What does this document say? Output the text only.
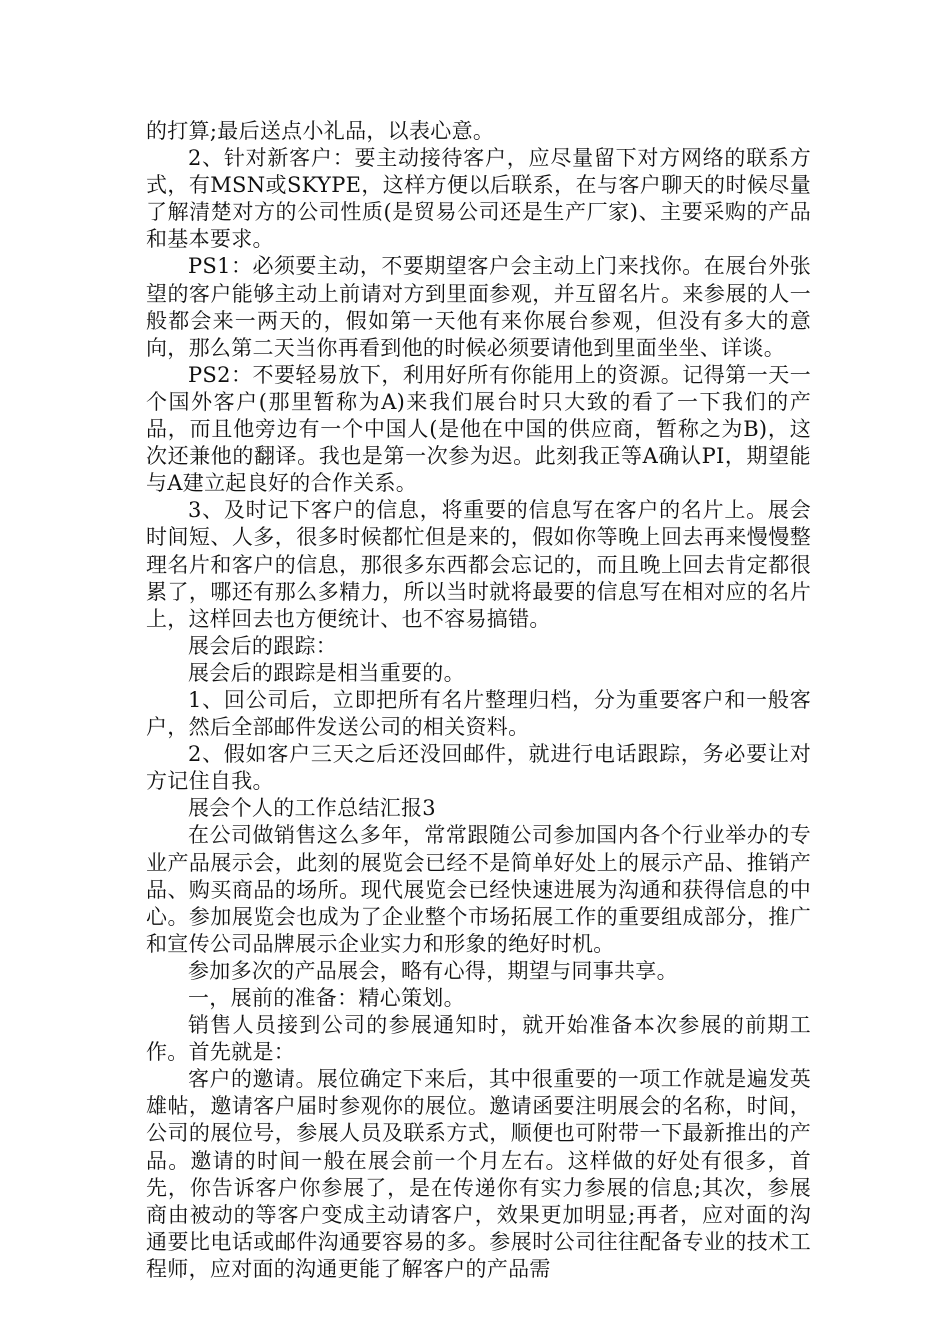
的打算;最后送点小礼品，以表心意。

2、针对新客户：要主动接待客户，应尽量留下对方网络的联系方式，有MSN或SKYPE，这样方便以后联系，在与客户聊天的时候尽量了解清楚对方的公司性质(是贸易公司还是生产厂家)、主要采购的产品和基本要求。

PS1：必须要主动，不要期望客户会主动上门来找你。在展台外张望的客户能够主动上前请对方到里面参观，并互留名片。来参展的人一般都会来一两天的，假如第一天他有来你展台参观，但没有多大的意向，那么第二天当你再看到他的时候必须要请他到里面坐坐、详谈。

PS2：不要轻易放下，利用好所有你能用上的资源。记得第一天一个国外客户(那里暂称为A)来我们展台时只大致的看了一下我们的产品，而且他旁边有一个中国人(是他在中国的供应商，暂称之为B)，这次还兼他的翻译。我也是第一次参为迟。此刻我正等A确认PI，期望能与A建立起良好的合作关系。

3、及时记下客户的信息，将重要的信息写在客户的名片上。展会时间短、人多，很多时候都忙但是来的，假如你等晚上回去再来慢慢整理名片和客户的信息，那很多东西都会忘记的，而且晚上回去肯定都很累了，哪还有那么多精力，所以当时就将最要的信息写在相对应的名片上，这样回去也方便统计、也不容易搞错。

展会后的跟踪：

展会后的跟踪是相当重要的。

1、回公司后，立即把所有名片整理归档，分为重要客户和一般客户，然后全部邮件发送公司的相关资料。

2、假如客户三天之后还没回邮件，就进行电话跟踪，务必要让对方记住自我。

展会个人的工作总结汇报3

在公司做销售这么多年，常常跟随公司参加国内各个行业举办的专业产品展示会，此刻的展览会已经不是简单好处上的展示产品、推销产品、购买商品的场所。现代展览会已经快速进展为沟通和获得信息的中心。参加展览会也成为了企业整个市场拓展工作的重要组成部分，推广和宣传公司品牌展示企业实力和形象的绝好时机。

参加多次的产品展会，略有心得，期望与同事共享。

一，展前的准备：精心策划。

销售人员接到公司的参展通知时，就开始准备本次参展的前期工作。首先就是：

客户的邀请。展位确定下来后，其中很重要的一项工作就是遍发英雄帖，邀请客户届时参观你的展位。邀请函要注明展会的名称，时间，公司的展位号，参展人员及联系方式，顺便也可附带一下最新推出的产品。邀请的时间一般在展会前一个月左右。这样做的好处有很多，首先，你告诉客户你参展了，是在传递你有实力参展的信息;其次，参展商由被动的等客户变成主动请客户，效果更加明显;再者，应对面的沟通要比电话或邮件沟通要容易的多。参展时公司往往配备专业的技术工程师，应对面的沟通更能了解客户的产品需
